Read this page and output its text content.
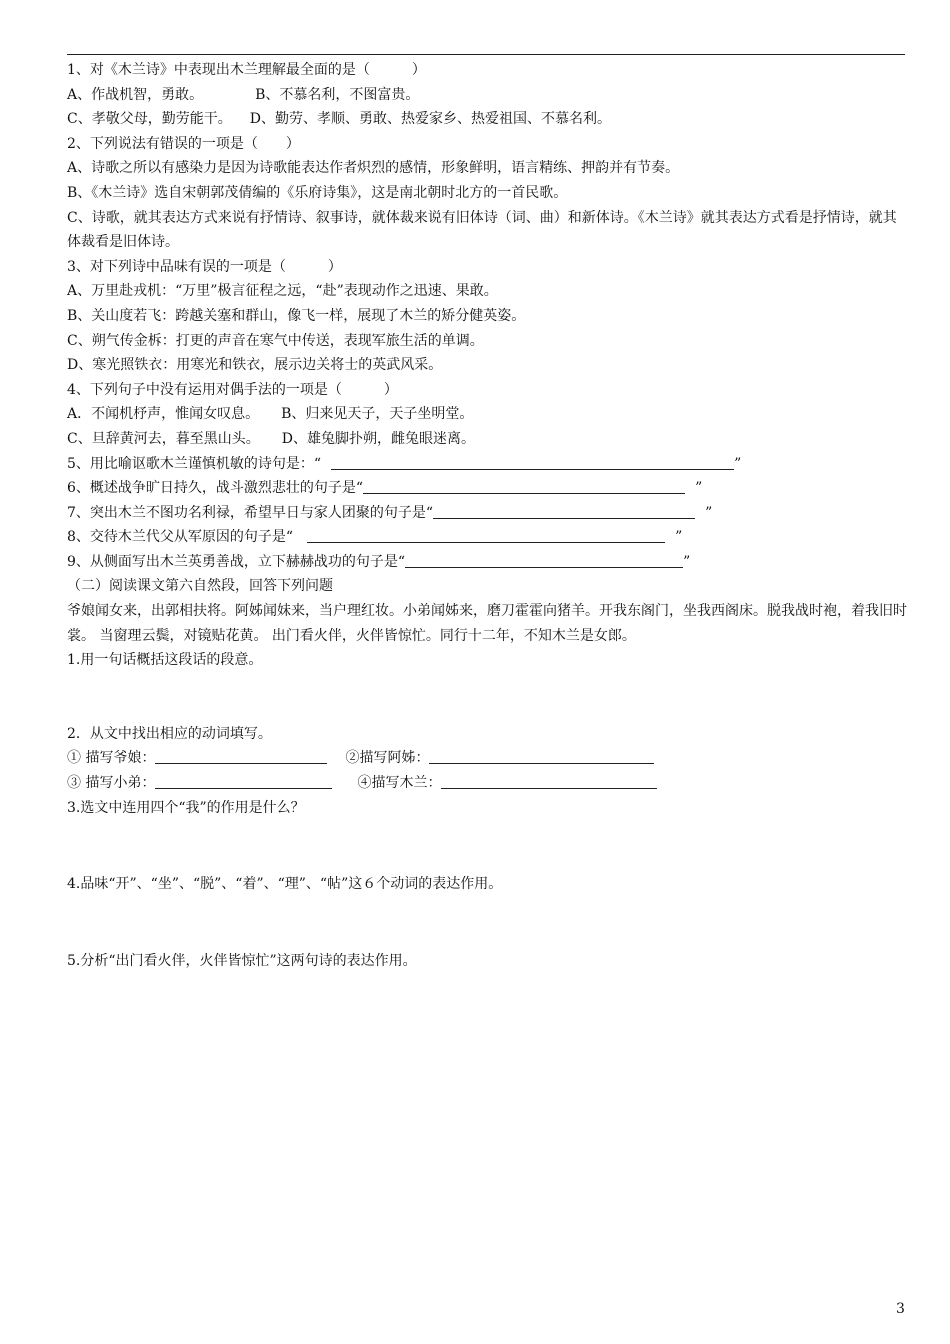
1、对《木兰诗》中表现出木兰理解最全面的是（　　　）
A、作战机智，勇敢。	B、不慕名利，不图富贵。
C、孝敬父母，勤劳能干。 D、勤劳、孝顺、勇敢、热爱家乡、热爱祖国、不慕名利。
2、下列说法有错误的一项是（　　）
A、诗歌之所以有感染力是因为诗歌能表达作者炽烈的感情，形象鲜明，语言精练、押韵并有节奏。
B、《木兰诗》选自宋朝郭茂倩编的《乐府诗集》，这是南北朝时北方的一首民歌。
C、诗歌，就其表达方式来说有抒情诗、叙事诗，就体裁来说有旧体诗（词、曲）和新体诗。《木兰诗》就其表达方式看是抒情诗，就其体裁看是旧体诗。
3、对下列诗中品味有误的一项是（　　　）
A、万里赴戎机：“万里”极言征程之远，“赴”表现动作之迅速、果敢。
B、关山度若飞：跨越关塞和群山，像飞一样，展现了木兰的矫分健英姿。
C、朔气传金柝：打更的声音在寒气中传送，表现军旅生活的单调。
D、寒光照铁衣：用寒光和铁衣，展示边关将士的英武风采。
4、下列句子中没有运用对偶手法的一项是（　　　）
A．不闻机杼声，惟闻女叹息。 B、归来见天子，天子坐明堂。
C、旦辞黄河去，暮至黑山头。 D、雄兔脚扑朔，雌兔眼迷离。
5、用比喻讴歌木兰谨慎机敏的诗句是：“	”
6、概述战争旷日持久，战斗激烈悲壮的句子是“	”
7、突出木兰不图功名利禄，希望早日与家人团聚的句子是“	”
8、交待木兰代父从军原因的句子是“	”
9、从侧面写出木兰英勇善战，立下赫赫战功的句子是“	”
（二）阅读课文第六自然段，回答下列问题
爷娘闻女来，出郭相扶将。阿姊闻妹来，当户理红妆。小弟闻姊来，磨刀霍霍向猪羊。开我东阁门，坐我西阁床。脱我战时袍，着我旧时裳。 当窗理云鬓，对镜贴花黄。 出门看火伴，火伴皆惊忙。同行十二年，不知木兰是女郎。
1.用一句话概括这段话的段意。
2．从文中找出相应的动词填写。
① 描写爷娘：	②描写阿姊：
③ 描写小弟：	④描写木兰：
3.选文中连用四个“我”的作用是什么？
4.品味“开”、“坐”、“脱”、“着”、“理”、“帖”这６个动词的表达作用。
5.分析“出门看火伴，火伴皆惊忙”这两句诗的表达作用。
3
